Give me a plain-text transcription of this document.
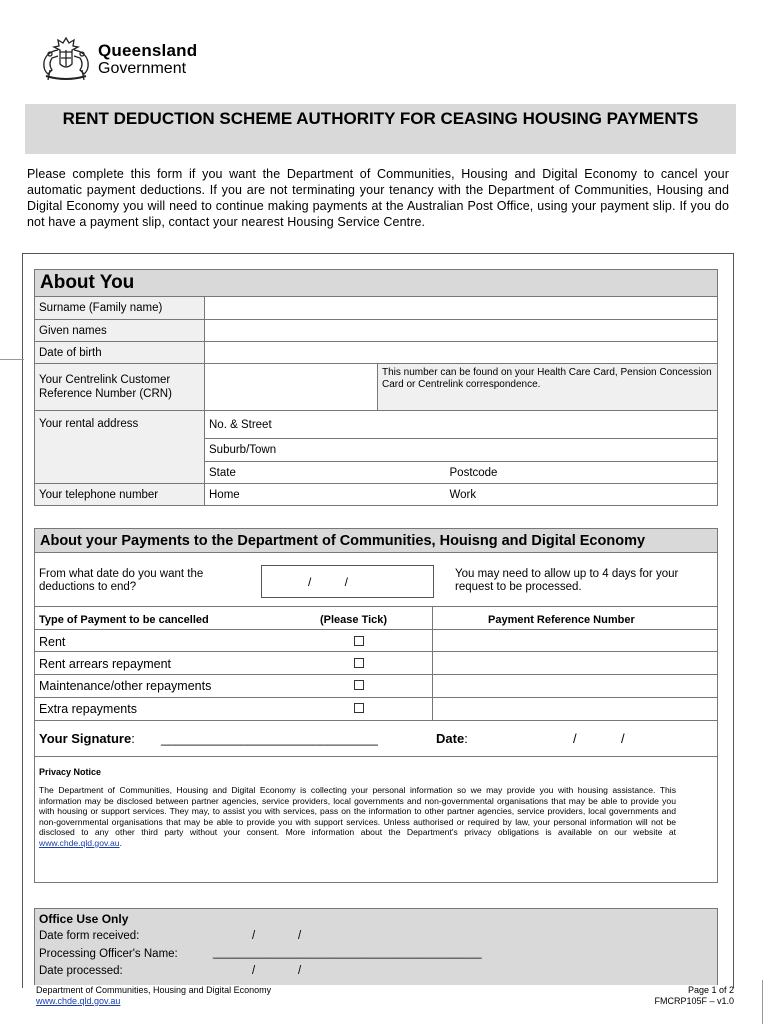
Queensland
Government
RENT DEDUCTION SCHEME AUTHORITY FOR CEASING HOUSING PAYMENTS
Please complete this form if you want the Department of Communities, Housing and Digital Economy to cancel your automatic payment deductions. If you are not terminating your tenancy with the Department of Communities, Housing and Digital Economy you will need to continue making payments at the Australian Post Office, using your payment slip. If you do not have a payment slip, contact your nearest Housing Service Centre.
About You			
Surname (Family name)			
Given names			
Date of birth			
Your Centrelink Customer Reference Number (CRN)		This number can be found on your Health Care Card, Pension Concession Card or Centrelink correspondence.	
Your rental address	No. & Street		
	Suburb/Town		
	State		Postcode
Your telephone number	Home		Work
About your Payments to the Department of Communities, Houisng and Digital Economy
From what date do you want the deductions to end?	/          /
You may need to allow up to 4 days for your request to be processed.
Type of Payment to be cancelled	(Please Tick)	Payment Reference Number
Rent
Rent arrears repayment
Maintenance/other repayments
Extra repayments
Your Signature: ______________________________	Date:	/	/
Privacy Notice
The Department of Communities, Housing and Digital Economy is collecting your personal information so we may provide you with housing assistance. This information may be disclosed between partner agencies, service providers, local governments and non-governmental organisations that may be able to provide you with housing or support services. They may, to assist you with services, pass on the information to other partner agencies, service providers, local governments and non-governmental organisations that may be able to provide you with support services. Unless authorised or required by law, your personal information will not be disclosed to any other third party without your consent. More information about the Department's privacy obligations is available on our website at www.chde.qld.gov.au.
Office Use Only
Date form received:	/	/
Processing Officer's Name:	__________________________________________
Date processed:	/	/
Department of Communities, Housing and Digital Economy
www.chde.qld.gov.au
Page 1 of 2
FMCRP105F – v1.0
